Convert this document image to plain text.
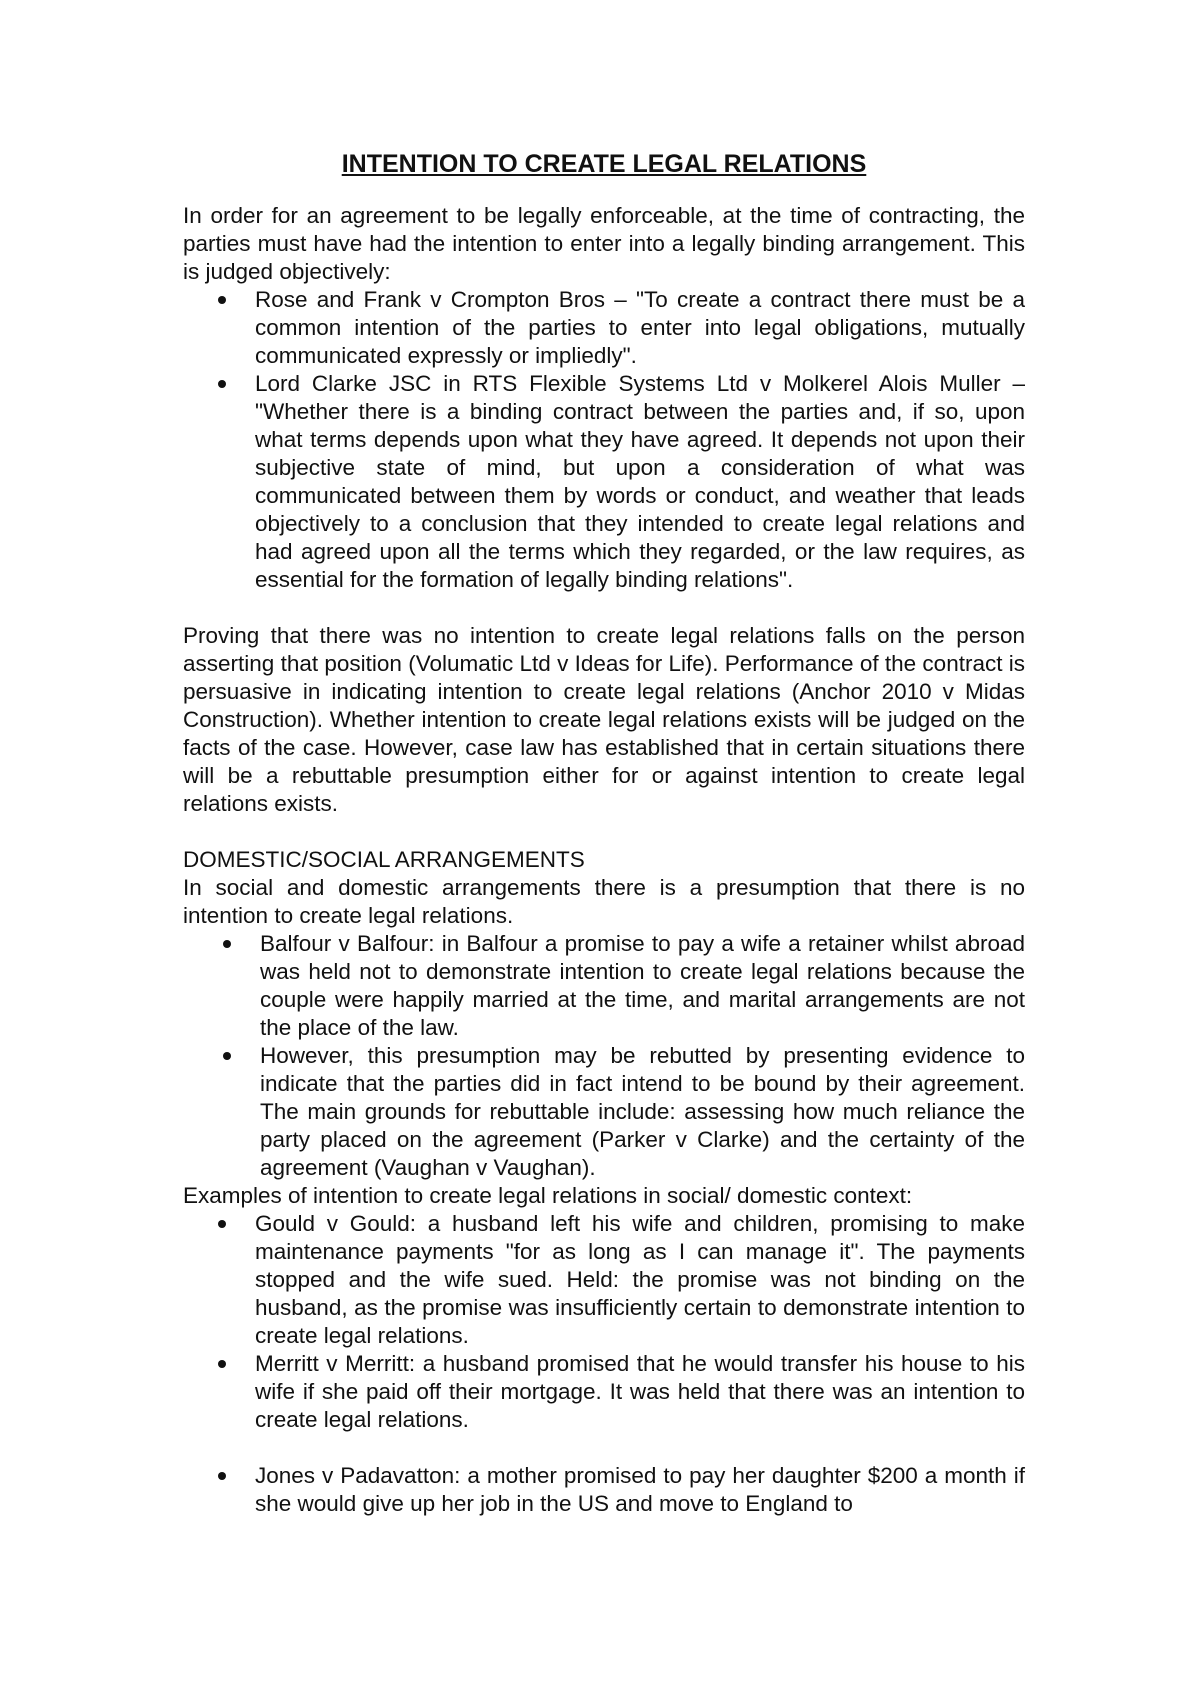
INTENTION TO CREATE LEGAL RELATIONS

In order for an agreement to be legally enforceable, at the time of contracting, the parties must have had the intention to enter into a legally binding arrangement. This is judged objectively:

Rose and Frank v Crompton Bros – "To create a contract there must be a common intention of the parties to enter into legal obligations, mutually communicated expressly or impliedly".
Lord Clarke JSC in RTS Flexible Systems Ltd v Molkerel Alois Muller – "Whether there is a binding contract between the parties and, if so, upon what terms depends upon what they have agreed. It depends not upon their subjective state of mind, but upon a consideration of what was communicated between them by words or conduct, and weather that leads objectively to a conclusion that they intended to create legal relations and had agreed upon all the terms which they regarded, or the law requires, as essential for the formation of legally binding relations".

Proving that there was no intention to create legal relations falls on the person asserting that position (Volumatic Ltd v Ideas for Life). Performance of the contract is persuasive in indicating intention to create legal relations (Anchor 2010 v Midas Construction). Whether intention to create legal relations exists will be judged on the facts of the case. However, case law has established that in certain situations there will be a rebuttable presumption either for or against intention to create legal relations exists.

DOMESTIC/SOCIAL ARRANGEMENTS

In social and domestic arrangements there is a presumption that there is no intention to create legal relations.

Balfour v Balfour: in Balfour a promise to pay a wife a retainer whilst abroad was held not to demonstrate intention to create legal relations because the couple were happily married at the time, and marital arrangements are not the place of the law.
However, this presumption may be rebutted by presenting evidence to indicate that the parties did in fact intend to be bound by their agreement. The main grounds for rebuttable include: assessing how much reliance the party placed on the agreement (Parker v Clarke) and the certainty of the agreement (Vaughan v Vaughan).

Examples of intention to create legal relations in social/ domestic context:

Gould v Gould: a husband left his wife and children, promising to make maintenance payments "for as long as I can manage it". The payments stopped and the wife sued. Held: the promise was not binding on the husband, as the promise was insufficiently certain to demonstrate intention to create legal relations.
Merritt v Merritt: a husband promised that he would transfer his house to his wife if she paid off their mortgage. It was held that there was an intention to create legal relations.
Jones v Padavatton: a mother promised to pay her daughter $200 a month if she would give up her job in the US and move to England to
